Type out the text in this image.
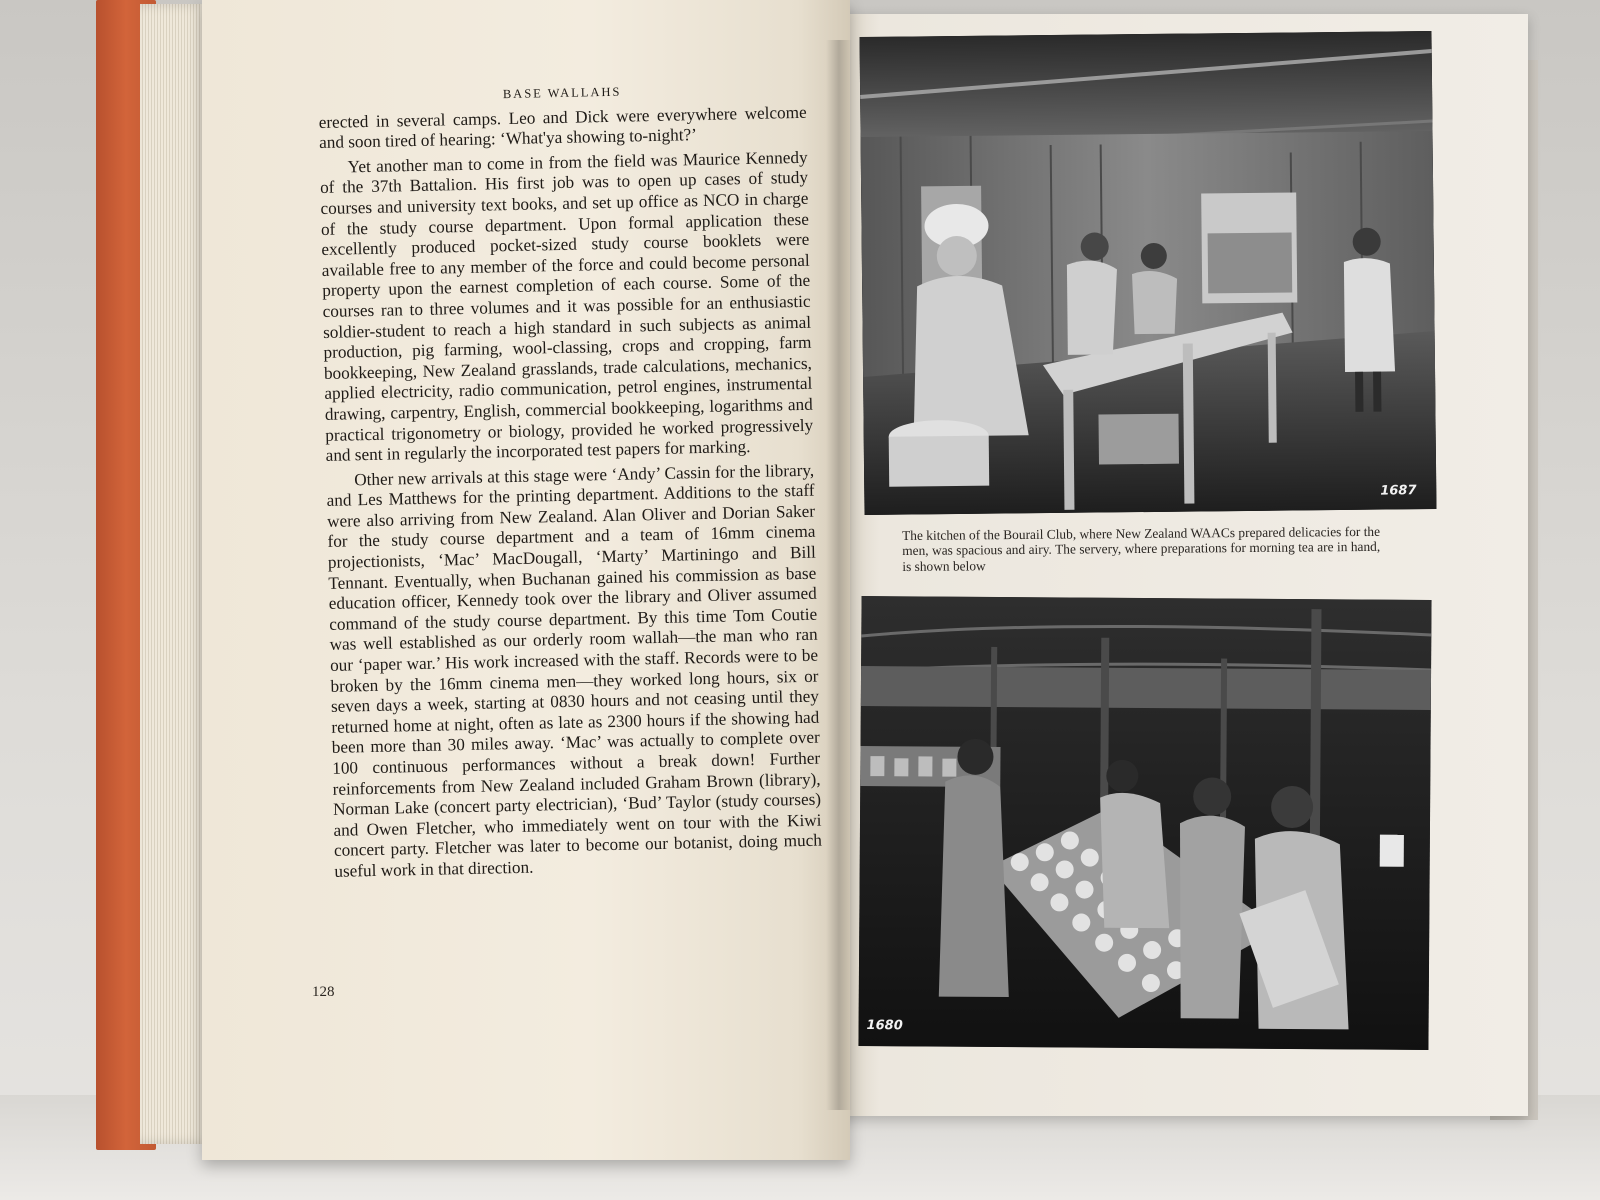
BASE WALLAHS

erected in several camps. Leo and Dick were everywhere welcome and soon tired of hearing: ‘What'ya showing to-night?’

Yet another man to come in from the field was Maurice Kennedy of the 37th Battalion. His first job was to open up cases of study courses and university text books, and set up office as NCO in charge of the study course department. Upon formal application these excellently produced pocket-sized study course booklets were available free to any member of the force and could become personal property upon the earnest completion of each course. Some of the courses ran to three volumes and it was possible for an enthusiastic soldier-student to reach a high standard in such subjects as animal production, pig farming, wool-classing, crops and cropping, farm bookkeeping, New Zealand grasslands, trade calculations, mechanics, applied electricity, radio communication, petrol engines, instrumental drawing, carpentry, English, commercial bookkeeping, logarithms and practical trigonometry or biology, provided he worked progressively and sent in regularly the incorporated test papers for marking.

Other new arrivals at this stage were ‘Andy’ Cassin for the library, and Les Matthews for the printing department. Additions to the staff were also arriving from New Zealand. Alan Oliver and Dorian Saker for the study course department and a team of 16mm cinema projectionists, ‘Mac’ MacDougall, ‘Marty’ Martiningo and Bill Tennant. Eventually, when Buchanan gained his commission as base education officer, Kennedy took over the library and Oliver assumed command of the study course department. By this time Tom Coutie was well established as our orderly room wallah—the man who ran our ‘paper war.’ His work increased with the staff. Records were to be broken by the 16mm cinema men—they worked long hours, six or seven days a week, starting at 0830 hours and not ceasing until they returned home at night, often as late as 2300 hours if the showing had been more than 30 miles away. ‘Mac’ was actually to complete over 100 continuous performances without a break down! Further reinforcements from New Zealand included Graham Brown (library), Norman Lake (concert party electrician), ‘Bud’ Taylor (study courses) and Owen Fletcher, who immediately went on tour with the Kiwi concert party. Fletcher was later to become our botanist, doing much useful work in that direction.

128
1687
The kitchen of the Bourail Club, where New Zealand WAACs prepared delicacies for the men, was spacious and airy. The servery, where preparations for morning tea are in hand, is shown below
1680
